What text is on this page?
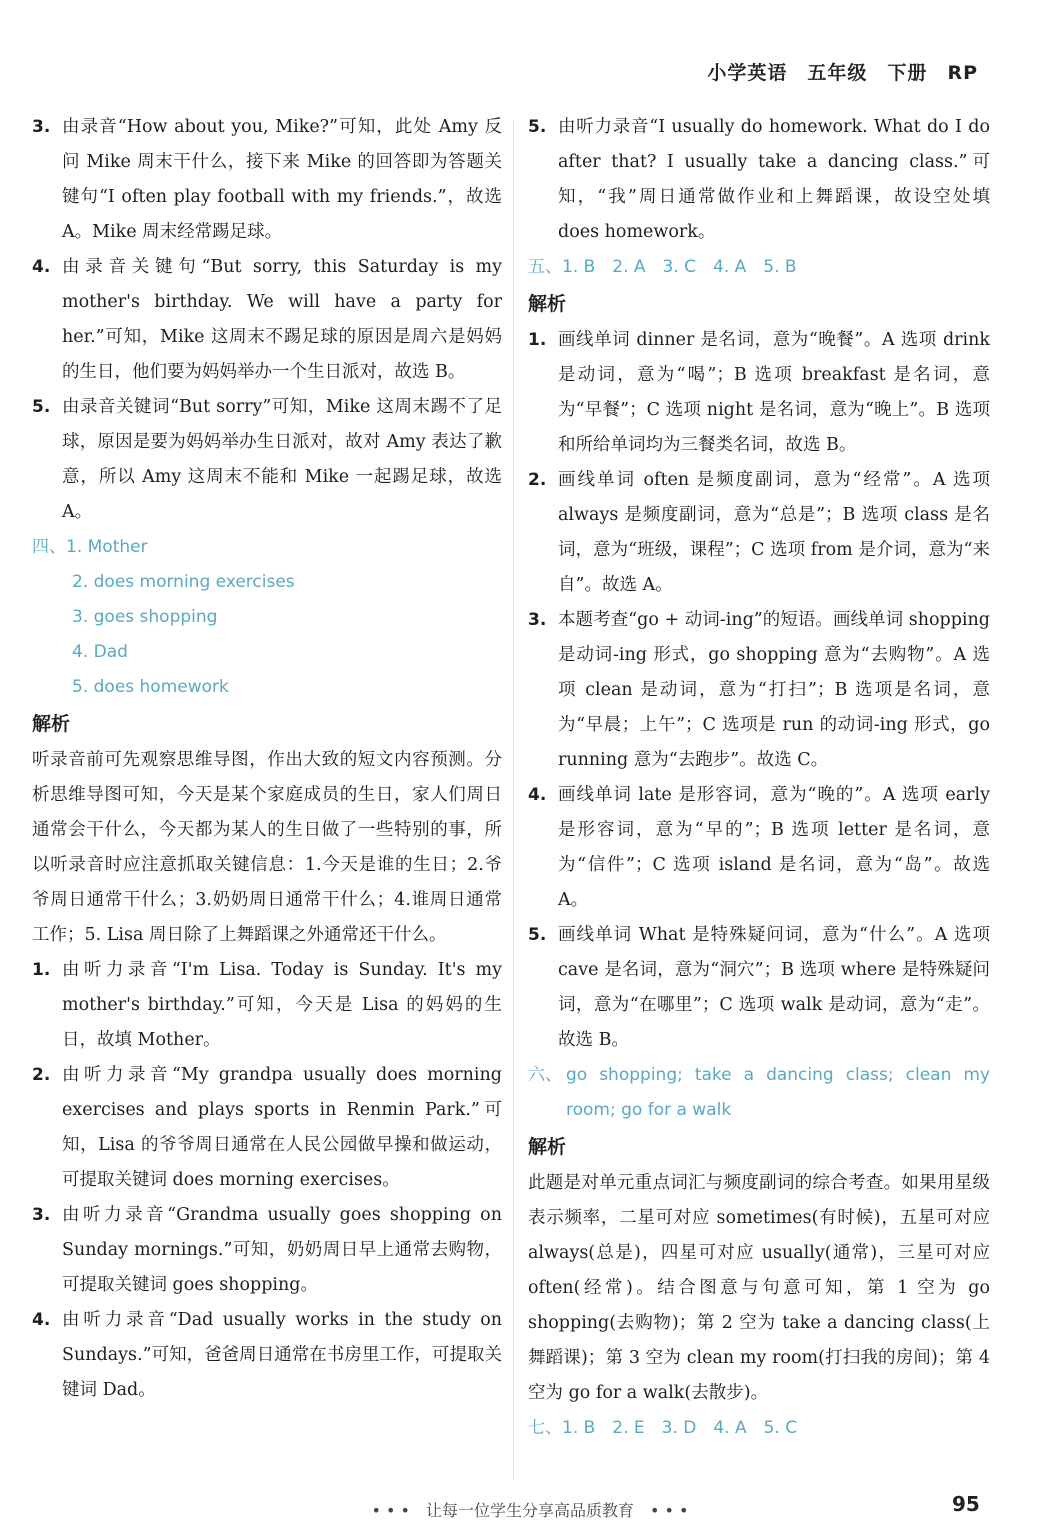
小学英语 五年级 下册 RP
3. 由录音“How about you, Mike?”可知，此处 Amy 反问 Mike 周末干什么，接下来 Mike 的回答即为答题关键句“I often play football with my friends.”，故选 A。Mike 周末经常踢足球。
4. 由录音关键句“But sorry, this Saturday is my mother's birthday. We will have a party for her.”可知，Mike 这周末不踢足球的原因是周六是妈妈的生日，他们要为妈妈举办一个生日派对，故选 B。
5. 由录音关键词“But sorry”可知，Mike 这周末踢不了足球，原因是要为妈妈举办生日派对，故对 Amy 表达了歉意，所以 Amy 这周末不能和 Mike 一起踢足球，故选 A。
四、1. Mother
2. does morning exercises
3. goes shopping
4. Dad
5. does homework
解析

听录音前可先观察思维导图，作出大致的短文内容预测。分析思维导图可知，今天是某个家庭成员的生日，家人们周日通常会干什么，今天都为某人的生日做了一些特别的事，所以听录音时应注意抓取关键信息：1.今天是谁的生日；2.爷爷周日通常干什么；3.奶奶周日通常干什么；4.谁周日通常工作；5. Lisa 周日除了上舞蹈课之外通常还干什么。

1. 由听力录音“I'm Lisa. Today is Sunday. It's my mother's birthday.”可知，今天是 Lisa 的妈妈的生日，故填 Mother。
2. 由听力录音“My grandpa usually does morning exercises and plays sports in Renmin Park.”可知，Lisa 的爷爷周日通常在人民公园做早操和做运动，可提取关键词 does morning exercises。
3. 由听力录音“Grandma usually goes shopping on Sunday mornings.”可知，奶奶周日早上通常去购物，可提取关键词 goes shopping。
4. 由听力录音“Dad usually works in the study on Sundays.”可知，爸爸周日通常在书房里工作，可提取关键词 Dad。
5. 由听力录音“I usually do homework. What do I do after that? I usually take a dancing class.”可知，“我”周日通常做作业和上舞蹈课，故设空处填 does homework。
五、1. B　2. A　3. C　4. A　5. B
解析
1. 画线单词 dinner 是名词，意为“晚餐”。A 选项 drink 是动词，意为“喝”；B 选项 breakfast 是名词，意为“早餐”；C 选项 night 是名词，意为“晚上”。B 选项和所给单词均为三餐类名词，故选 B。
2. 画线单词 often 是频度副词，意为“经常”。A 选项 always 是频度副词，意为“总是”；B 选项 class 是名词，意为“班级，课程”；C 选项 from 是介词，意为“来自”。故选 A。
3. 本题考查“go + 动词-ing”的短语。画线单词 shopping 是动词-ing 形式，go shopping 意为“去购物”。A 选项 clean 是动词，意为“打扫”；B 选项是名词，意为“早晨；上午”；C 选项是 run 的动词-ing 形式，go running 意为“去跑步”。故选 C。
4. 画线单词 late 是形容词，意为“晚的”。A 选项 early 是形容词，意为“早的”；B 选项 letter 是名词，意为“信件”；C 选项 island 是名词，意为“岛”。故选 A。
5. 画线单词 What 是特殊疑问词，意为“什么”。A 选项 cave 是名词，意为“洞穴”；B 选项 where 是特殊疑问词，意为“在哪里”；C 选项 walk 是动词，意为“走”。故选 B。
六、 go shopping; take a dancing class; clean my room; go for a walk
解析

此题是对单元重点词汇与频度副词的综合考查。如果用星级表示频率，二星可对应 sometimes(有时候)，五星可对应 always(总是)，四星可对应 usually(通常)，三星可对应 often(经常)。结合图意与句意可知，第 1 空为 go shopping(去购物)；第 2 空为 take a dancing class(上舞蹈课)；第 3 空为 clean my room(打扫我的房间)；第 4 空为 go for a walk(去散步)。

七、1. B　2. E　3. D　4. A　5. C
• • •　让每一位学生分享高品质教育　• • •	95
